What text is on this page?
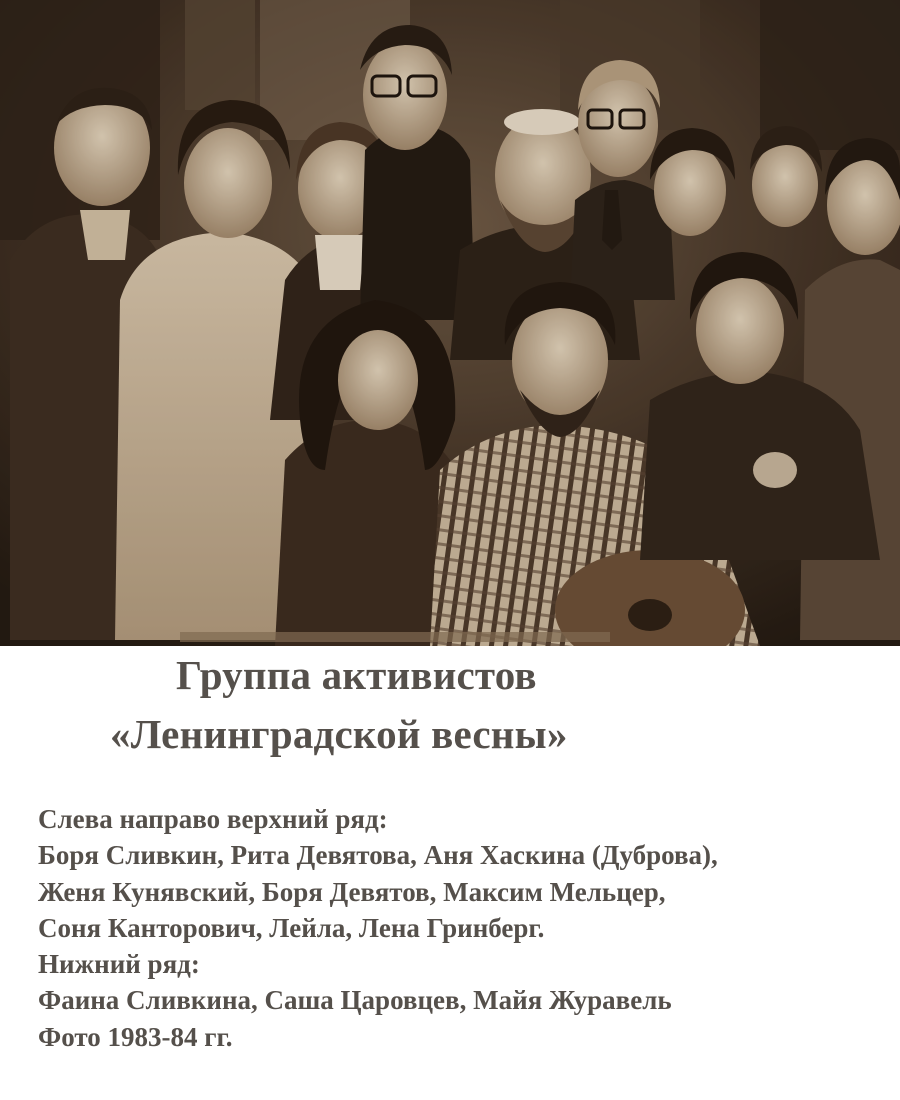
Группа активистов
«Ленинградской весны»
Слева направо верхний ряд:
Боря Сливкин, Рита Девятова, Аня Хаскина (Дуброва),
Женя Кунявский, Боря Девятов, Максим Мельцер,
Соня Канторович, Лейла, Лена Гринберг.
Нижний ряд:
Фаина Сливкина, Саша Царовцев, Майя Журавель
Фото 1983-84 гг.
